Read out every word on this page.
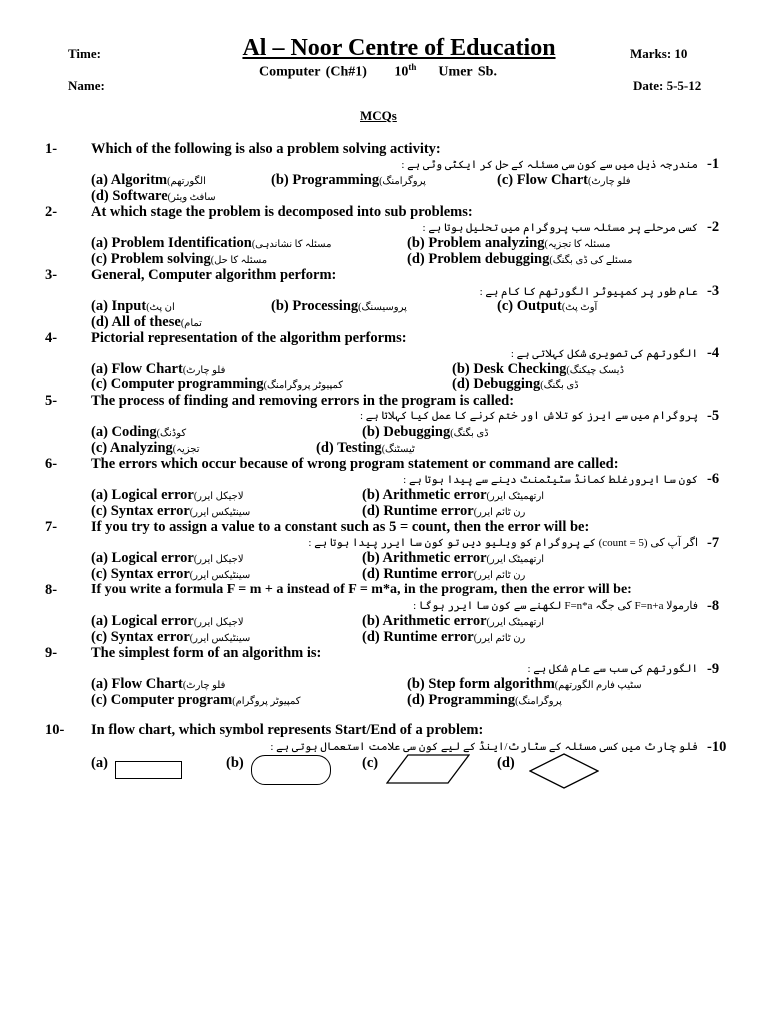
Time:	Al – Noor Centre of Education	Marks: 10
Computer (Ch#1) 10th Umer Sb.
Name:	Date: 5-5-12
MCQs
1- Which of the following is also a problem solving activity:
مندرجہ ذیل میں سے کون سی مسئلہ کے حل کر ایکٹی وٹی ہے : -1
(a) Algoritm(الگورتھم	(b) Programming(پروگرامنگ	(c) Flow Chart(فلو چارٹ
(d) Software(سافٹ ویئر
2- At which stage the problem is decomposed into sub problems:
کسی مرحلے پر مسئلہ سب پروگرام میں تحلیل ہوتا ہے : -2
(a) Problem Identification(مسئلہ کا نشاندہی	(b) Problem analyzing(مسئلہ کا تجزیہ
(c) Problem solving(مسئلہ کا حل	(d) Problem debugging(مسئلے کی ڈی بگنگ
3- General, Computer algorithm perform:
عام طور پر کمپیوٹر الگورتھم کا کام ہے : -3
(a) Input(ان پٹ	(b) Processing(پروسیسنگ	(c) Output(آوٹ پٹ
(d) All of these(تمام
4- Pictorial representation of the algorithm performs:
الگورتھم کی تصویری شکل کہلاتی ہے : -4
(a) Flow Chart(فلو چارٹ	(b) Desk Checking(ڈیسک چیکنگ
(c) Computer programming(کمپیوٹر پروگرامنگ	(d) Debugging(ڈی بگنگ
5- The process of finding and removing errors in the program is called:
پروگرام میں سے ایرز کو تلاش اور ختم کرنے کا عمل کیا کہلاتا ہے : -5
(a) Coding(کوڈنگ	(b) Debugging(ڈی بگنگ
(c) Analyzing(تجزیہ	(d) Testing(ٹیسٹنگ
6- The errors which occur because of wrong program statement or command are called:
کون سا ایرورغلط کمانڈ سٹیٹمنٹ دینے سے پیدا ہوتا ہے : -6
(a) Logical error(لاجیکل ایرر	(b) Arithmetic error(ارتھمیٹک ایرر
(c) Syntax error(سینٹیکس ایرر	(d) Runtime error(رن ٹائم ایرر
7- If you try to assign a value to a constant such as 5 = count, then the error will be:
اگر آپ کی (count = 5) کے پروگرام کو ویلیو دیں تو کون سا ایرر پیدا ہوتا ہے : -7
(a) Logical error(لاجیکل ایرر	(b) Arithmetic error(ارتھمیٹک ایرر
(c) Syntax error(سینٹیکس ایرر	(d) Runtime error(رن ٹائم ایرر
8- If you write a formula F = m + a instead of F = m*a, in the program, then the error will be:
فارمولا F=n+a کی جگہ F=n*a لکھنے سے کون سا ایرر ہوگا : -8
(a) Logical error(لاجیکل ایرر	(b) Arithmetic error(ارتھمیٹک ایرر
(c) Syntax error(سینٹیکس ایرر	(d) Runtime error(رن ٹائم ایرر
9- The simplest form of an algorithm is:
الگورتھم کی سب سے عام شکل ہے : -9
(a) Flow Chart(فلو چارٹ	(b) Step form algorithm(سٹیپ فارم الگورتھم
(c) Computer program(کمپیوٹر پروگرام	(d) Programming(پروگرامنگ
10- In flow chart, which symbol represents Start/End of a problem:
فلو چارٹ میں کسی مسئلہ کے سٹارٹ/اینڈ کے لیے کون سی علامت استعمال ہوتی ہے : -10
(a)	(b)	(c)	(d)
